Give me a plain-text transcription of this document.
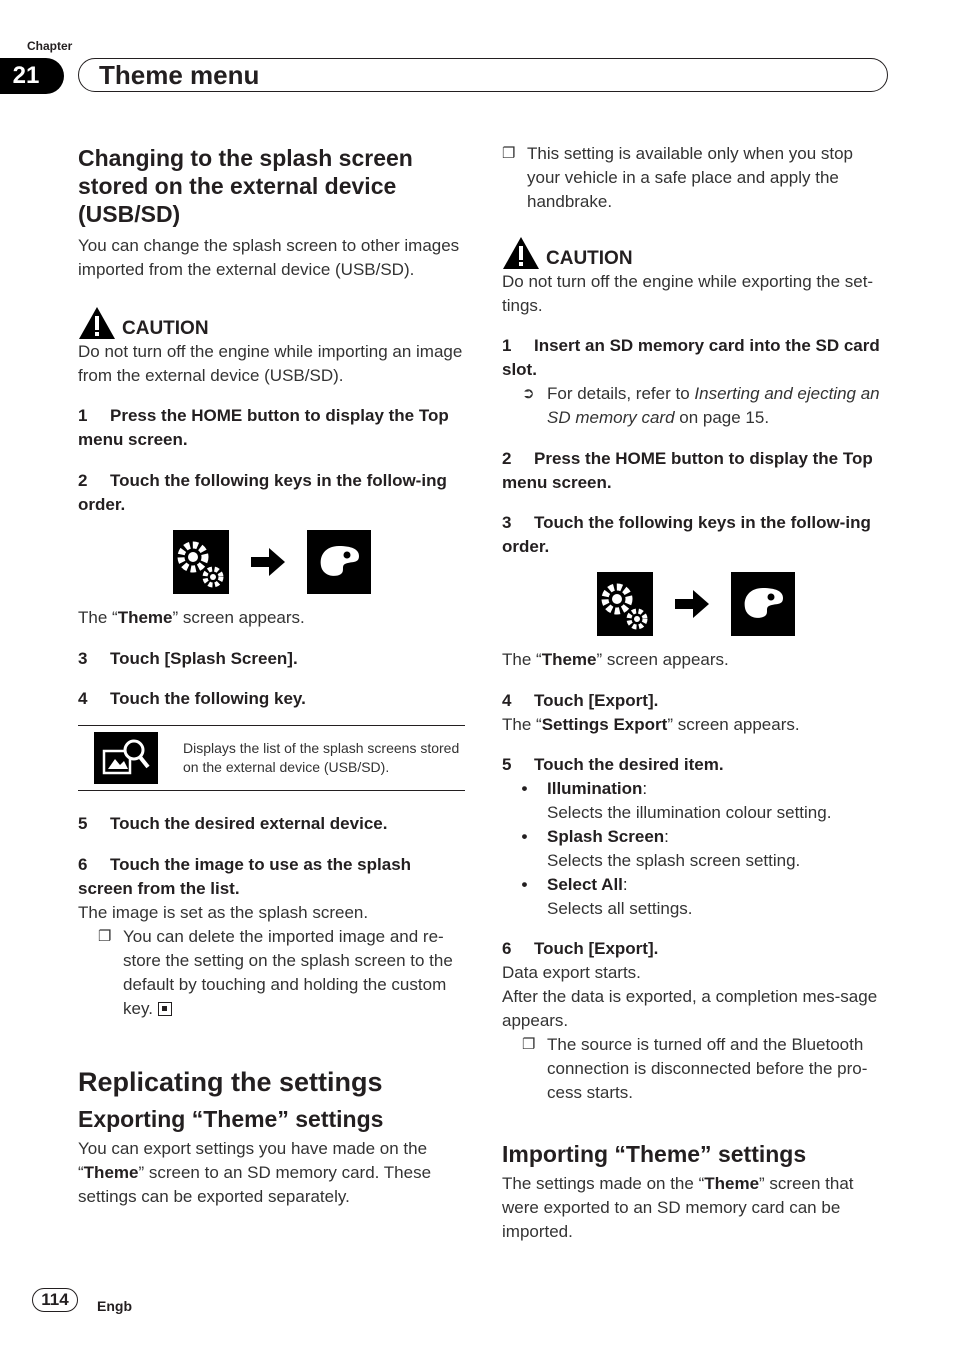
Chapter
21	Theme menu
Changing to the splash screen stored on the external device (USB/SD)

You can change the splash screen to other images imported from the external device (USB/SD).

CAUTION

Do not turn off the engine while importing an image from the external device (USB/SD).

1 Press the HOME button to display the Top menu screen.

2 Touch the following keys in the follow-ing order.

The “Theme” screen appears.

3 Touch [Splash Screen].

4 Touch the following key.

Displays the list of the splash screens stored on the external device (USB/SD).

5 Touch the desired external device.

6 Touch the image to use as the splash screen from the list.

The image is set as the splash screen.

❐ You can delete the imported image and re-store the setting on the splash screen to the default by touching and holding the custom key.
Replicating the settings
Exporting “Theme” settings

You can export settings you have made on the “Theme” screen to an SD memory card. These settings can be exported separately.

❐ This setting is available only when you stop your vehicle in a safe place and apply the handbrake.
CAUTION

Do not turn off the engine while exporting the set-tings.

1 Insert an SD memory card into the SD card slot.

➲ For details, refer to Inserting and ejecting an SD memory card on page 15.

2 Press the HOME button to display the Top menu screen.

3 Touch the following keys in the follow-ing order.

The “Theme” screen appears.

4 Touch [Export].

The “Settings Export” screen appears.

5 Touch the desired item.

•	Illumination:
Selects the illumination colour setting.
•	Splash Screen:
Selects the splash screen setting.
•	Select All:
Selects all settings.

6 Touch [Export].

Data export starts.

After the data is exported, a completion mes-sage appears.

❐ The source is turned off and the Bluetooth connection is disconnected before the pro-cess starts.
Importing “Theme” settings

The settings made on the “Theme” screen that were exported to an SD memory card can be imported.

114	Engb
